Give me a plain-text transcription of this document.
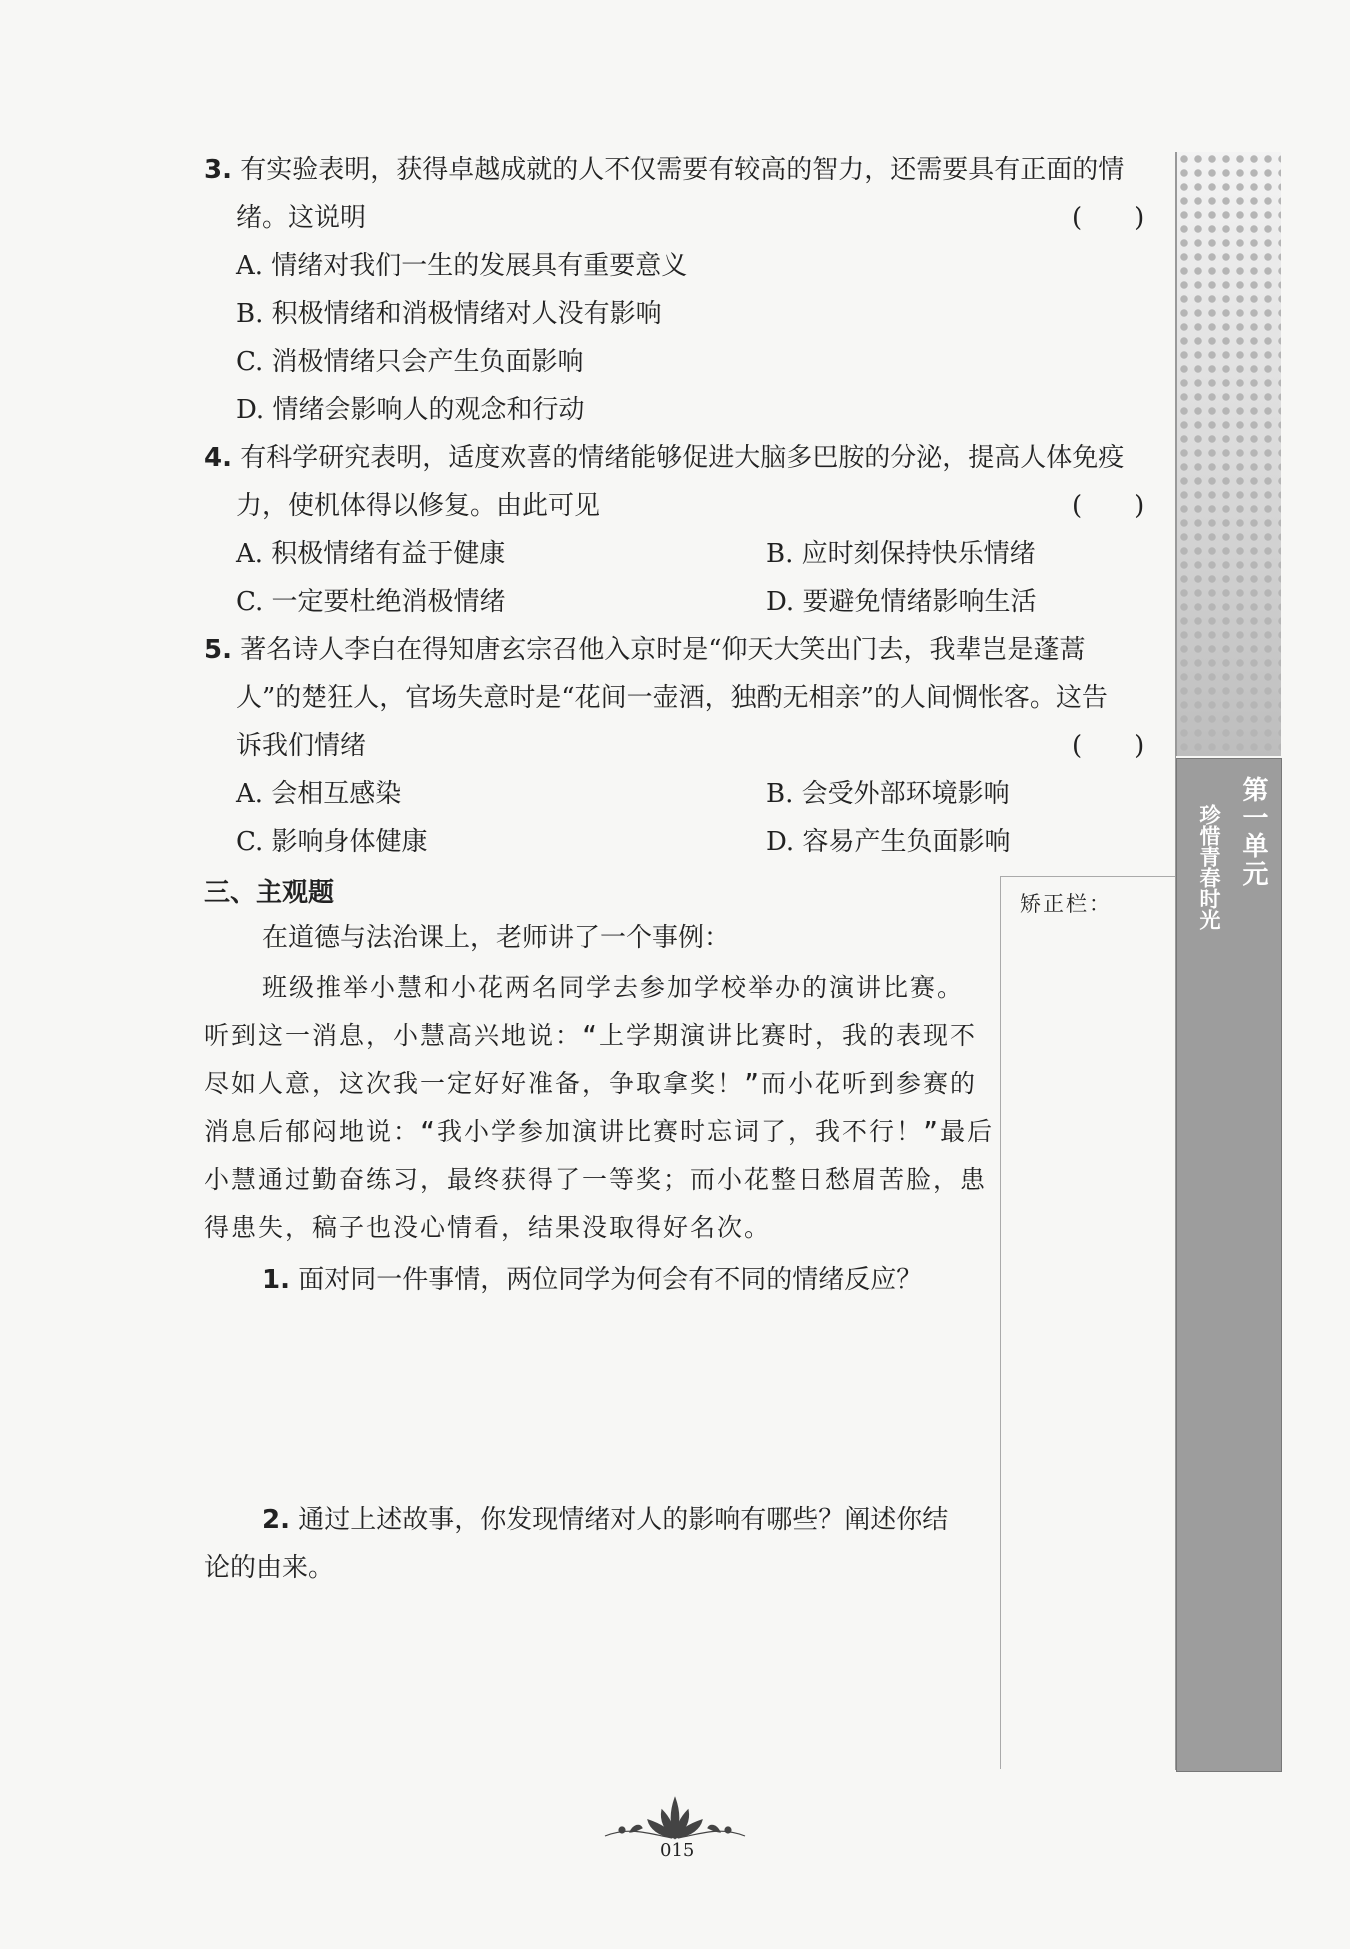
3. 有实验表明，获得卓越成就的人不仅需要有较高的智力，还需要具有正面的情
绪。这说明	(　　)
A. 情绪对我们一生的发展具有重要意义
B. 积极情绪和消极情绪对人没有影响
C. 消极情绪只会产生负面影响
D. 情绪会影响人的观念和行动
4. 有科学研究表明，适度欢喜的情绪能够促进大脑多巴胺的分泌，提高人体免疫
力，使机体得以修复。由此可见	(　　)
A. 积极情绪有益于健康	B. 应时刻保持快乐情绪
C. 一定要杜绝消极情绪	D. 要避免情绪影响生活
5. 著名诗人李白在得知唐玄宗召他入京时是“仰天大笑出门去，我辈岂是蓬蒿
人”的楚狂人，官场失意时是“花间一壶酒，独酌无相亲”的人间惆怅客。这告
诉我们情绪	(　　)
A. 会相互感染	B. 会受外部环境影响
C. 影响身体健康	D. 容易产生负面影响
三、主观题
在道德与法治课上，老师讲了一个事例：
班级推举小慧和小花两名同学去参加学校举办的演讲比赛。
听到这一消息，小慧高兴地说：“上学期演讲比赛时，我的表现不
尽如人意，这次我一定好好准备，争取拿奖！”而小花听到参赛的
消息后郁闷地说：“我小学参加演讲比赛时忘词了，我不行！”最后
小慧通过勤奋练习，最终获得了一等奖；而小花整日愁眉苦脸，患
得患失，稿子也没心情看，结果没取得好名次。
1. 面对同一件事情，两位同学为何会有不同的情绪反应？
2. 通过上述故事，你发现情绪对人的影响有哪些？阐述你结
论的由来。
矫正栏：
第一单元
珍惜青春时光
015
